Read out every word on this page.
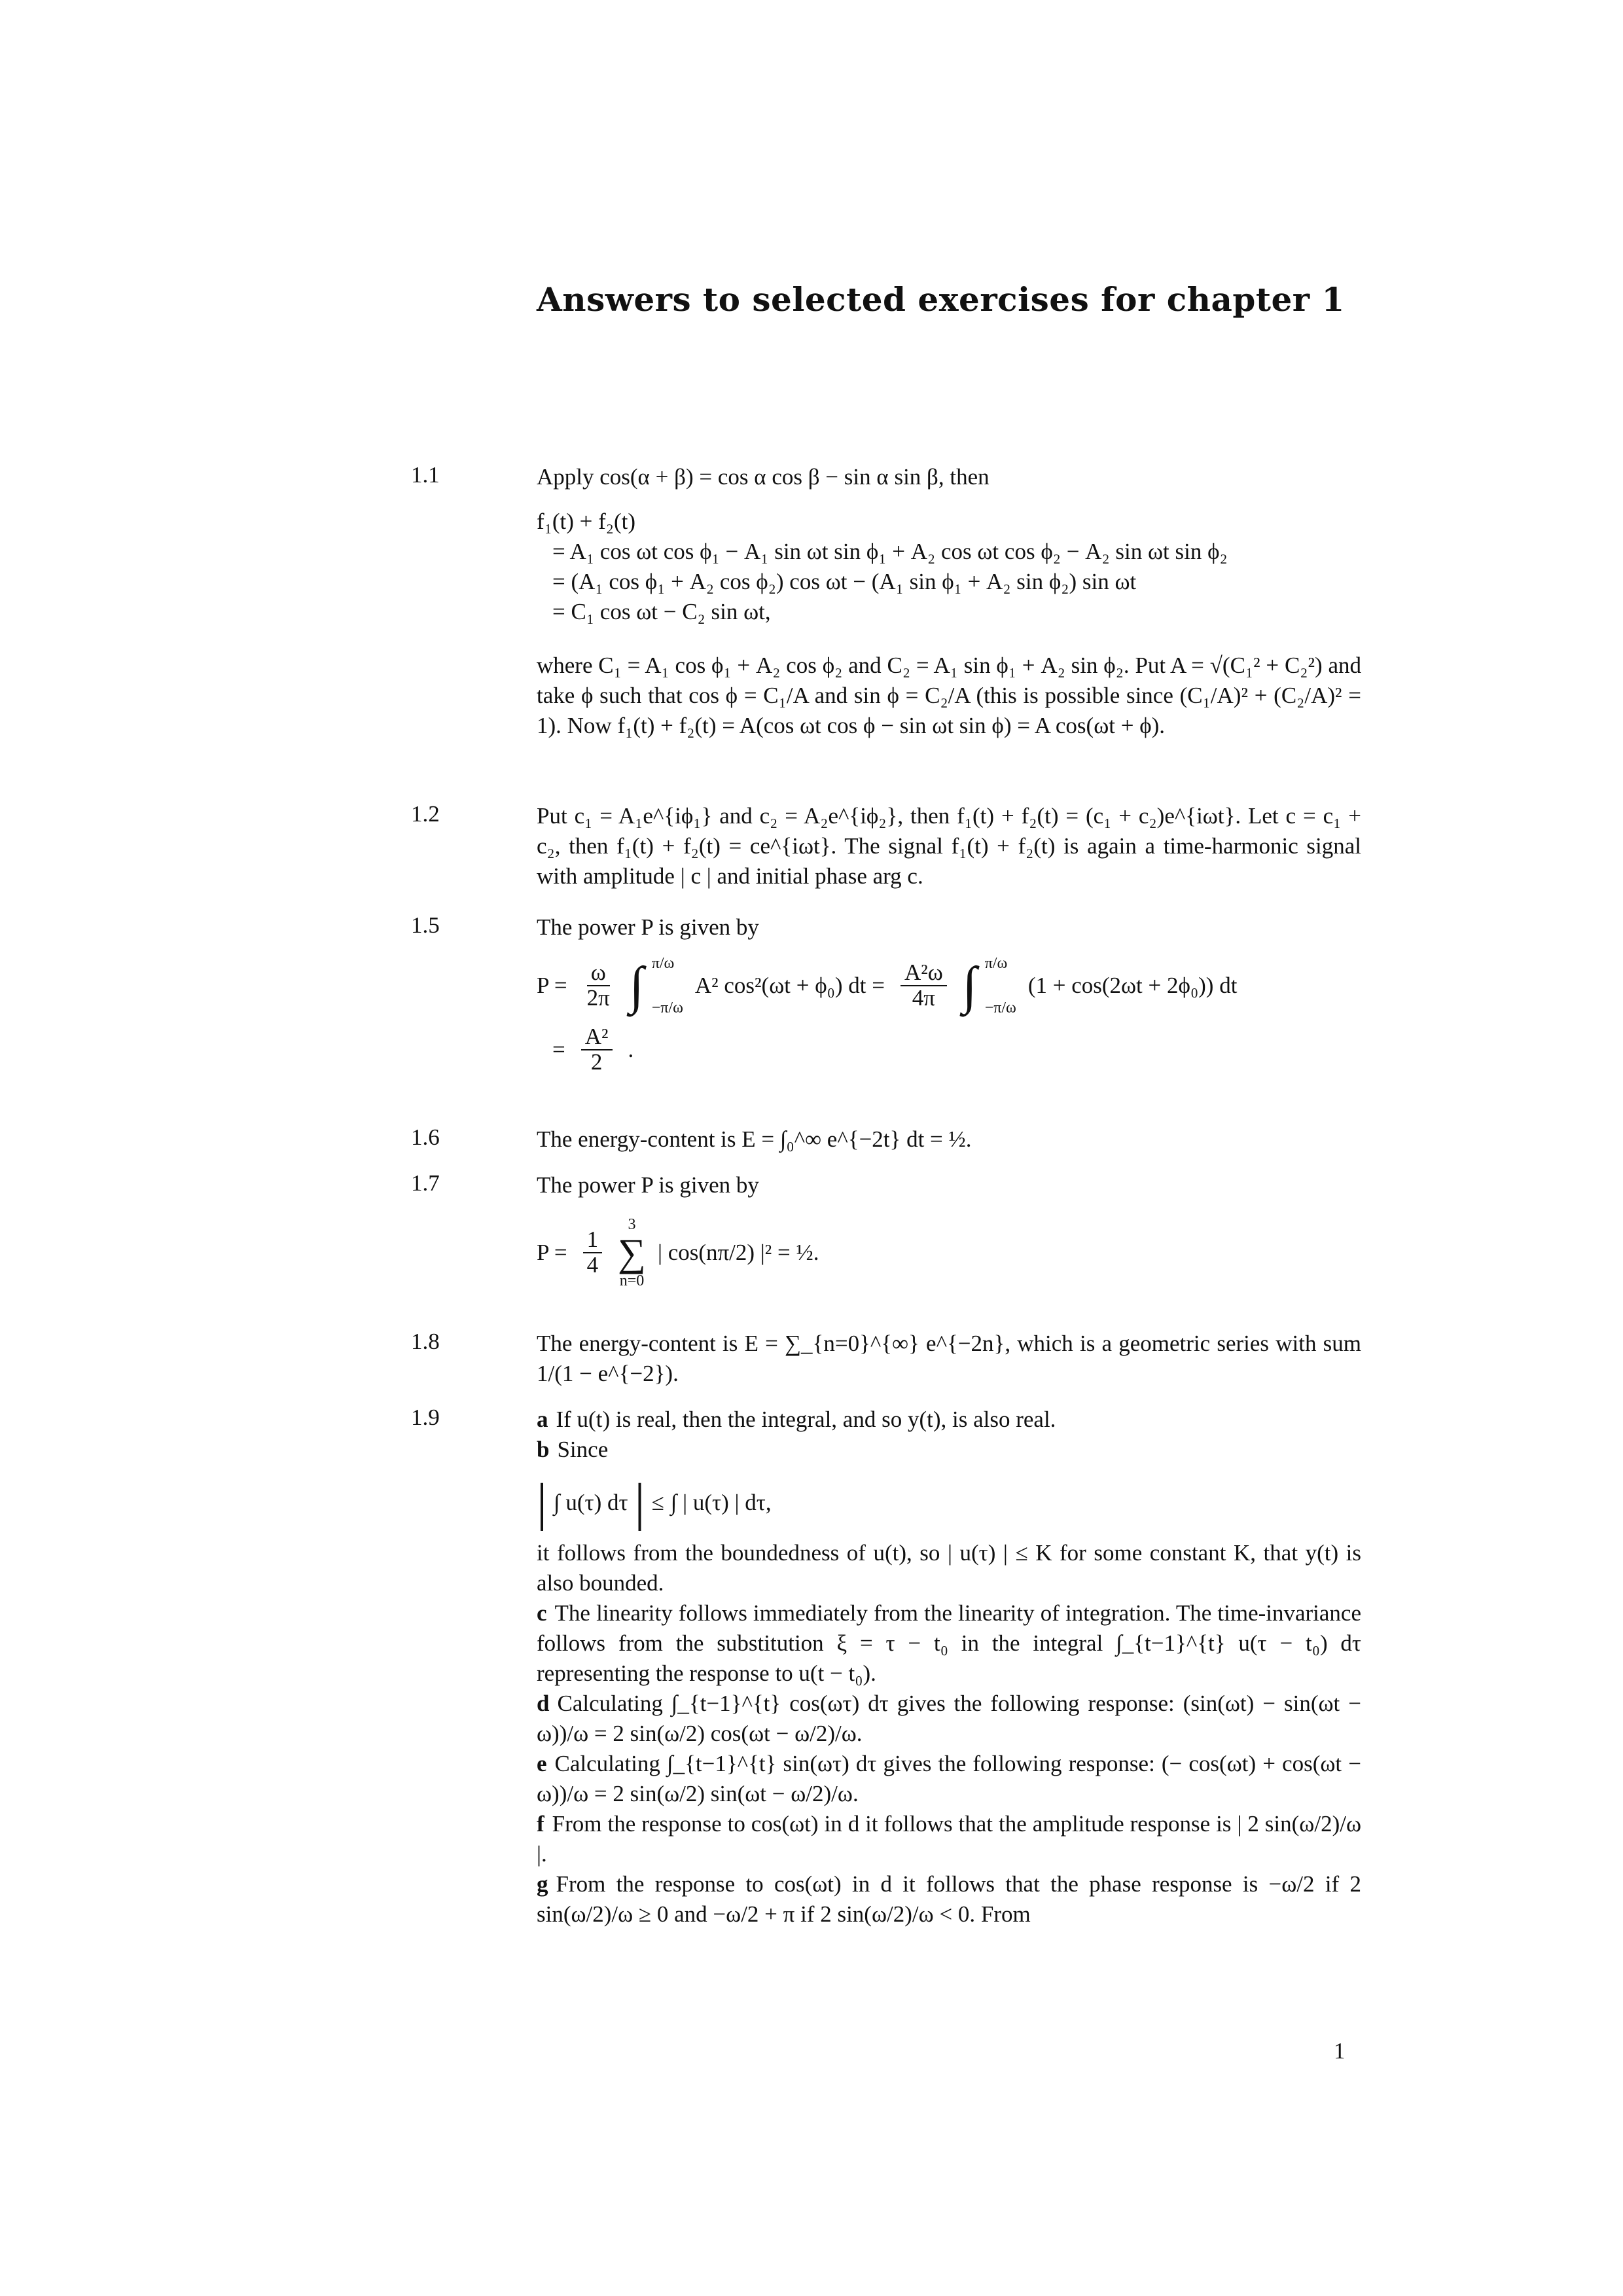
Answers to selected exercises for chapter 1
1.1	Apply cos(α + β) = cos α cos β − sin α sin β, then

f₁(t) + f₂(t)
= A₁ cos ωt cos ϕ₁ − A₁ sin ωt sin ϕ₁ + A₂ cos ωt cos ϕ₂ − A₂ sin ωt sin ϕ₂
= (A₁ cos ϕ₁ + A₂ cos ϕ₂) cos ωt − (A₁ sin ϕ₁ + A₂ sin ϕ₂) sin ωt
= C₁ cos ωt − C₂ sin ωt,

where C₁ = A₁ cos ϕ₁ + A₂ cos ϕ₂ and C₂ = A₁ sin ϕ₁ + A₂ sin ϕ₂. Put A = √(C₁² + C₂²) and take ϕ such that cos ϕ = C₁/A and sin ϕ = C₂/A (this is possible since (C₁/A)² + (C₂/A)² = 1). Now f₁(t) + f₂(t) = A(cos ωt cos ϕ − sin ωt sin ϕ) = A cos(ωt + ϕ).

1.2	Put c₁ = A₁e^{iϕ₁} and c₂ = A₂e^{iϕ₂}, then f₁(t) + f₂(t) = (c₁ + c₂)e^{iωt}. Let c = c₁ + c₂, then f₁(t) + f₂(t) = ce^{iωt}. The signal f₁(t) + f₂(t) is again a time-harmonic signal with amplitude | c | and initial phase arg c.

1.5	The power P is given by

$P = \frac{\omega}{2\pi}$ ∫ π/ω
−π/ω
A² cos²(ωt + ϕ₀) dt = $\frac{\text{A²ω}}{4\pi}$ ∫ π/ω
−π/ω
(1 + cos(2ωt + 2ϕ₀)) dt
= $\frac{\text{A²}}{2}$ .
1.6	The energy-content is E = ∫₀^∞ e^{−2t} dt = ½.

1.7	The power P is given by

$P = \frac{1}{4}$
3
∑
n=0
| cos(nπ/2) |² = ½.
1.8	The energy-content is E = ∑_{n=0}^{∞} e^{−2n}, which is a geometric series with sum 1/(1 − e^{−2}).

1.9	a If u(t) is real, then the integral, and so y(t), is also real.

b Since

| ∫ u(τ) dτ | ≤ ∫ | u(τ) | dτ,

it follows from the boundedness of u(t), so | u(τ) | ≤ K for some constant K, that y(t) is also bounded.

c The linearity follows immediately from the linearity of integration. The time-invariance follows from the substitution ξ = τ − t₀ in the integral ∫_{t−1}^{t} u(τ − t₀) dτ representing the response to u(t − t₀).

d Calculating ∫_{t−1}^{t} cos(ωτ) dτ gives the following response: (sin(ωt) − sin(ωt − ω))/ω = 2 sin(ω/2) cos(ωt − ω/2)/ω.

e Calculating ∫_{t−1}^{t} sin(ωτ) dτ gives the following response: (− cos(ωt) + cos(ωt − ω))/ω = 2 sin(ω/2) sin(ωt − ω/2)/ω.

f From the response to cos(ωt) in d it follows that the amplitude response is | 2 sin(ω/2)/ω |.

g From the response to cos(ωt) in d it follows that the phase response is −ω/2 if 2 sin(ω/2)/ω ≥ 0 and −ω/2 + π if 2 sin(ω/2)/ω < 0. From

1
